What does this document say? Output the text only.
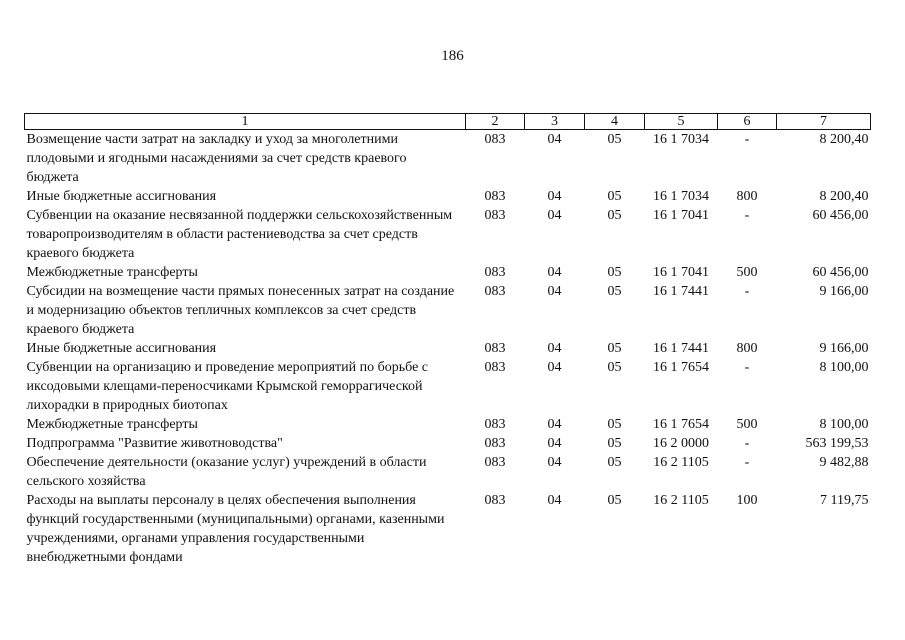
186
1	2	3	4	5	6	7
Возмещение части затрат на закладку и уход за многолетними плодовыми и ягодными насаждениями за счет средств краевого бюджета	083	04	05	16 1 7034	-	8 200,40
Иные бюджетные ассигнования	083	04	05	16 1 7034	800	8 200,40
Субвенции на оказание несвязанной поддержки сельскохозяйственным товаропроизводителям в области растениеводства за счет средств краевого бюджета	083	04	05	16 1 7041	-	60 456,00
Межбюджетные трансферты	083	04	05	16 1 7041	500	60 456,00
Субсидии на возмещение части прямых понесенных затрат на создание и модернизацию объектов тепличных комплексов за счет средств краевого бюджета	083	04	05	16 1 7441	-	9 166,00
Иные бюджетные ассигнования	083	04	05	16 1 7441	800	9 166,00
Субвенции на организацию и проведение мероприятий по борьбе с иксодовыми клещами-переносчиками Крымской геморрагической лихорадки в природных биотопах	083	04	05	16 1 7654	-	8 100,00
Межбюджетные трансферты	083	04	05	16 1 7654	500	8 100,00
Подпрограмма "Развитие животноводства"	083	04	05	16 2 0000	-	563 199,53
Обеспечение деятельности (оказание услуг) учреждений в области сельского хозяйства	083	04	05	16 2 1105	-	9 482,88
Расходы на выплаты персоналу в целях обеспечения выполнения функций государственными (муниципальными) органами, казенными учреждениями, органами управления государственными внебюджетными фондами	083	04	05	16 2 1105	100	7 119,75
